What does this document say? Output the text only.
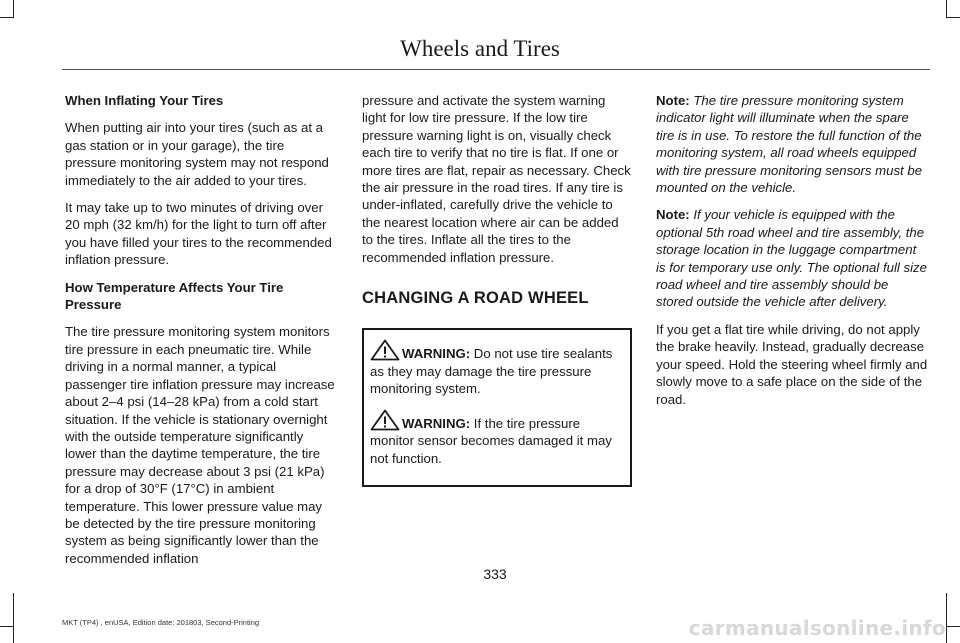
Wheels and Tires

When Inflating Your Tires

When putting air into your tires (such as at a gas station or in your garage), the tire pressure monitoring system may not respond immediately to the air added to your tires.

It may take up to two minutes of driving over 20 mph (32 km/h) for the light to turn off after you have filled your tires to the recommended inflation pressure.

How Temperature Affects Your Tire Pressure

The tire pressure monitoring system monitors tire pressure in each pneumatic tire. While driving in a normal manner, a typical passenger tire inflation pressure may increase about 2–4 psi (14–28 kPa) from a cold start situation. If the vehicle is stationary overnight with the outside temperature significantly lower than the daytime temperature, the tire pressure may decrease about 3 psi (21 kPa) for a drop of 30°F (17°C) in ambient temperature. This lower pressure value may be detected by the tire pressure monitoring system as being significantly lower than the recommended inflation

pressure and activate the system warning light for low tire pressure. If the low tire pressure warning light is on, visually check each tire to verify that no tire is flat. If one or more tires are flat, repair as necessary. Check the air pressure in the road tires. If any tire is under-inflated, carefully drive the vehicle to the nearest location where air can be added to the tires. Inflate all the tires to the recommended inflation pressure.

CHANGING A ROAD WHEEL

WARNING: Do not use tire sealants as they may damage the tire pressure monitoring system.

WARNING: If the tire pressure monitor sensor becomes damaged it may not function.

Note: The tire pressure monitoring system indicator light will illuminate when the spare tire is in use. To restore the full function of the monitoring system, all road wheels equipped with tire pressure monitoring sensors must be mounted on the vehicle.

Note: If your vehicle is equipped with the optional 5th road wheel and tire assembly, the storage location in the luggage compartment is for temporary use only. The optional full size road wheel and tire assembly should be stored outside the vehicle after delivery.

If you get a flat tire while driving, do not apply the brake heavily. Instead, gradually decrease your speed. Hold the steering wheel firmly and slowly move to a safe place on the side of the road.

333
MKT (TP4) , enUSA, Edition date: 201803, Second-Printing	carmanualsonline.info
